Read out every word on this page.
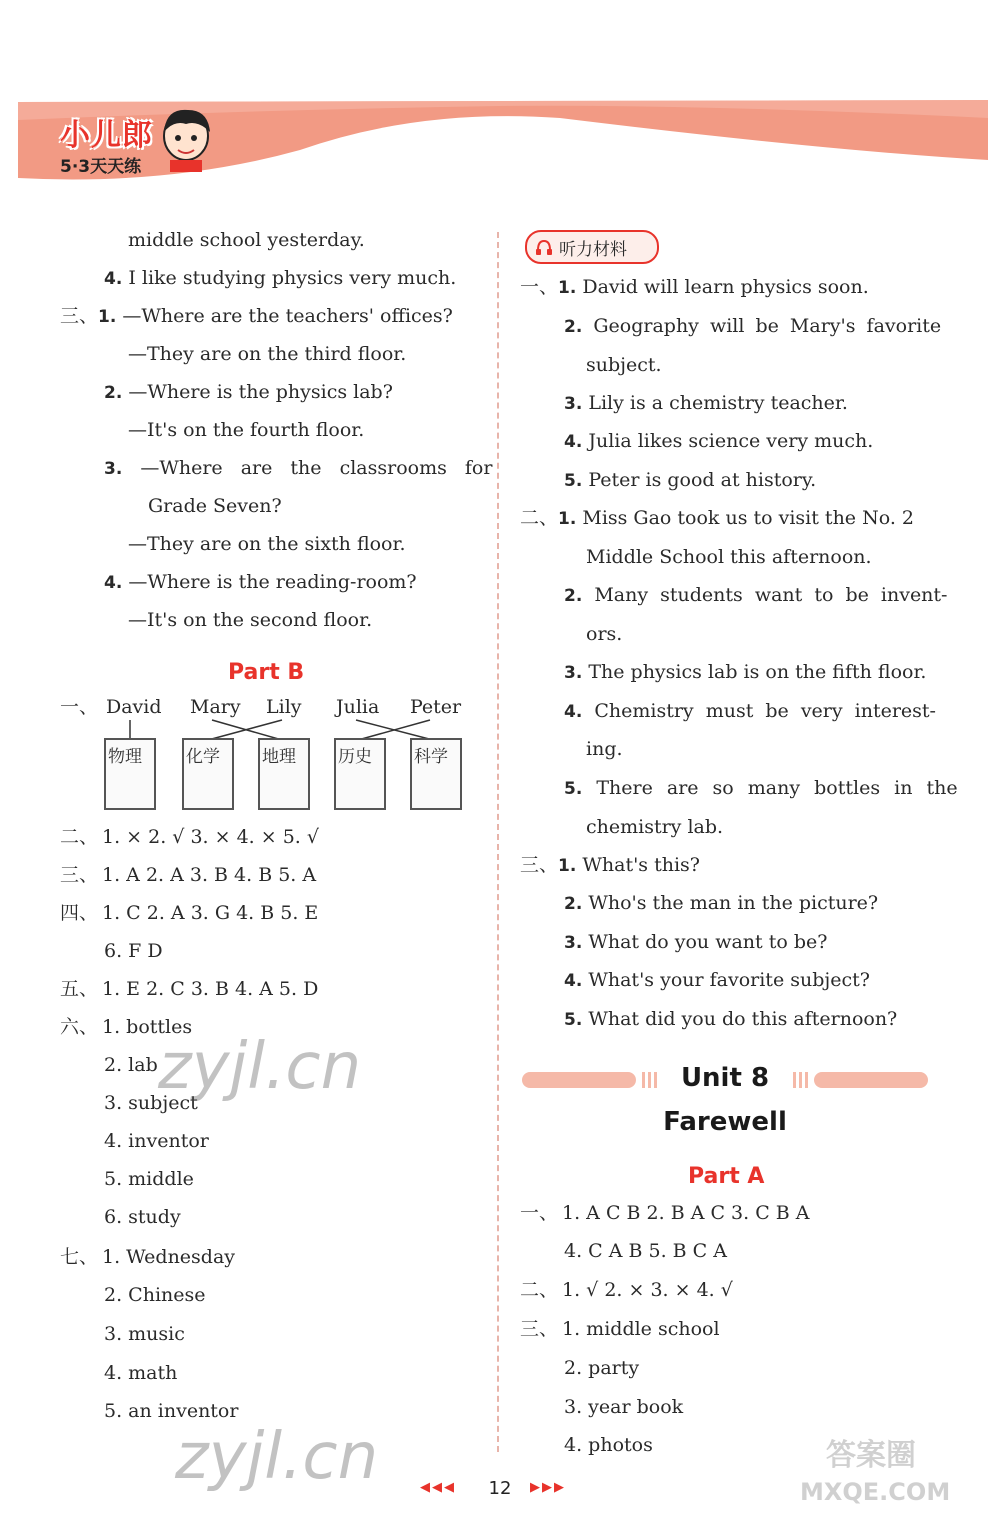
小儿郎
5·3天天练
middle school yesterday.
4. I like studying physics very much.
三、1. —Where are the teachers' offices?
—They are on the third floor.
2. —Where is the physics lab?
—It's on the fourth floor.
3. —Where are the classrooms for
Grade Seven?
—They are on the sixth floor.
4. —Where is the reading-room?
—It's on the second floor.
Part B
一、 David Mary Lily Julia Peter
物理	化学 地理 历史 科学
二、 1. × 2. √ 3. × 4. × 5. √
三、 1. A 2. A 3. B 4. B 5. A
四、 1. C 2. A 3. G 4. B 5. E
6. F D
五、 1. E 2. C 3. B 4. A 5. D
六、 1. bottles
2. lab
3. subject
4. inventor
5. middle
6. study
七、 1. Wednesday
2. Chinese
3. music
4. math
5. an inventor
听力材料
一、1. David will learn physics soon.
2. Geography will be Mary's favorite
subject.
3. Lily is a chemistry teacher.
4. Julia likes science very much.
5. Peter is good at history.
二、1. Miss Gao took us to visit the No. 2
Middle School this afternoon.
2. Many students want to be invent-
ors.
3. The physics lab is on the fifth floor.
4. Chemistry must be very interest-
ing.
5. There are so many bottles in the
chemistry lab.
三、1. What's this?
2. Who's the man in the picture?
3. What do you want to be?
4. What's your favorite subject?
5. What did you do this afternoon?
Unit 8
Farewell
Part A
一、 1. A C B 2. B A C 3. C B A
4. C A B 5. B C A
二、 1. √ 2. × 3. × 4. √
三、 1. middle school
2. party
3. year book
4. photos
zyjl.cn
zyjl.cn	答案圈
MXQE.COM
◀◀◀	12	▶▶▶
